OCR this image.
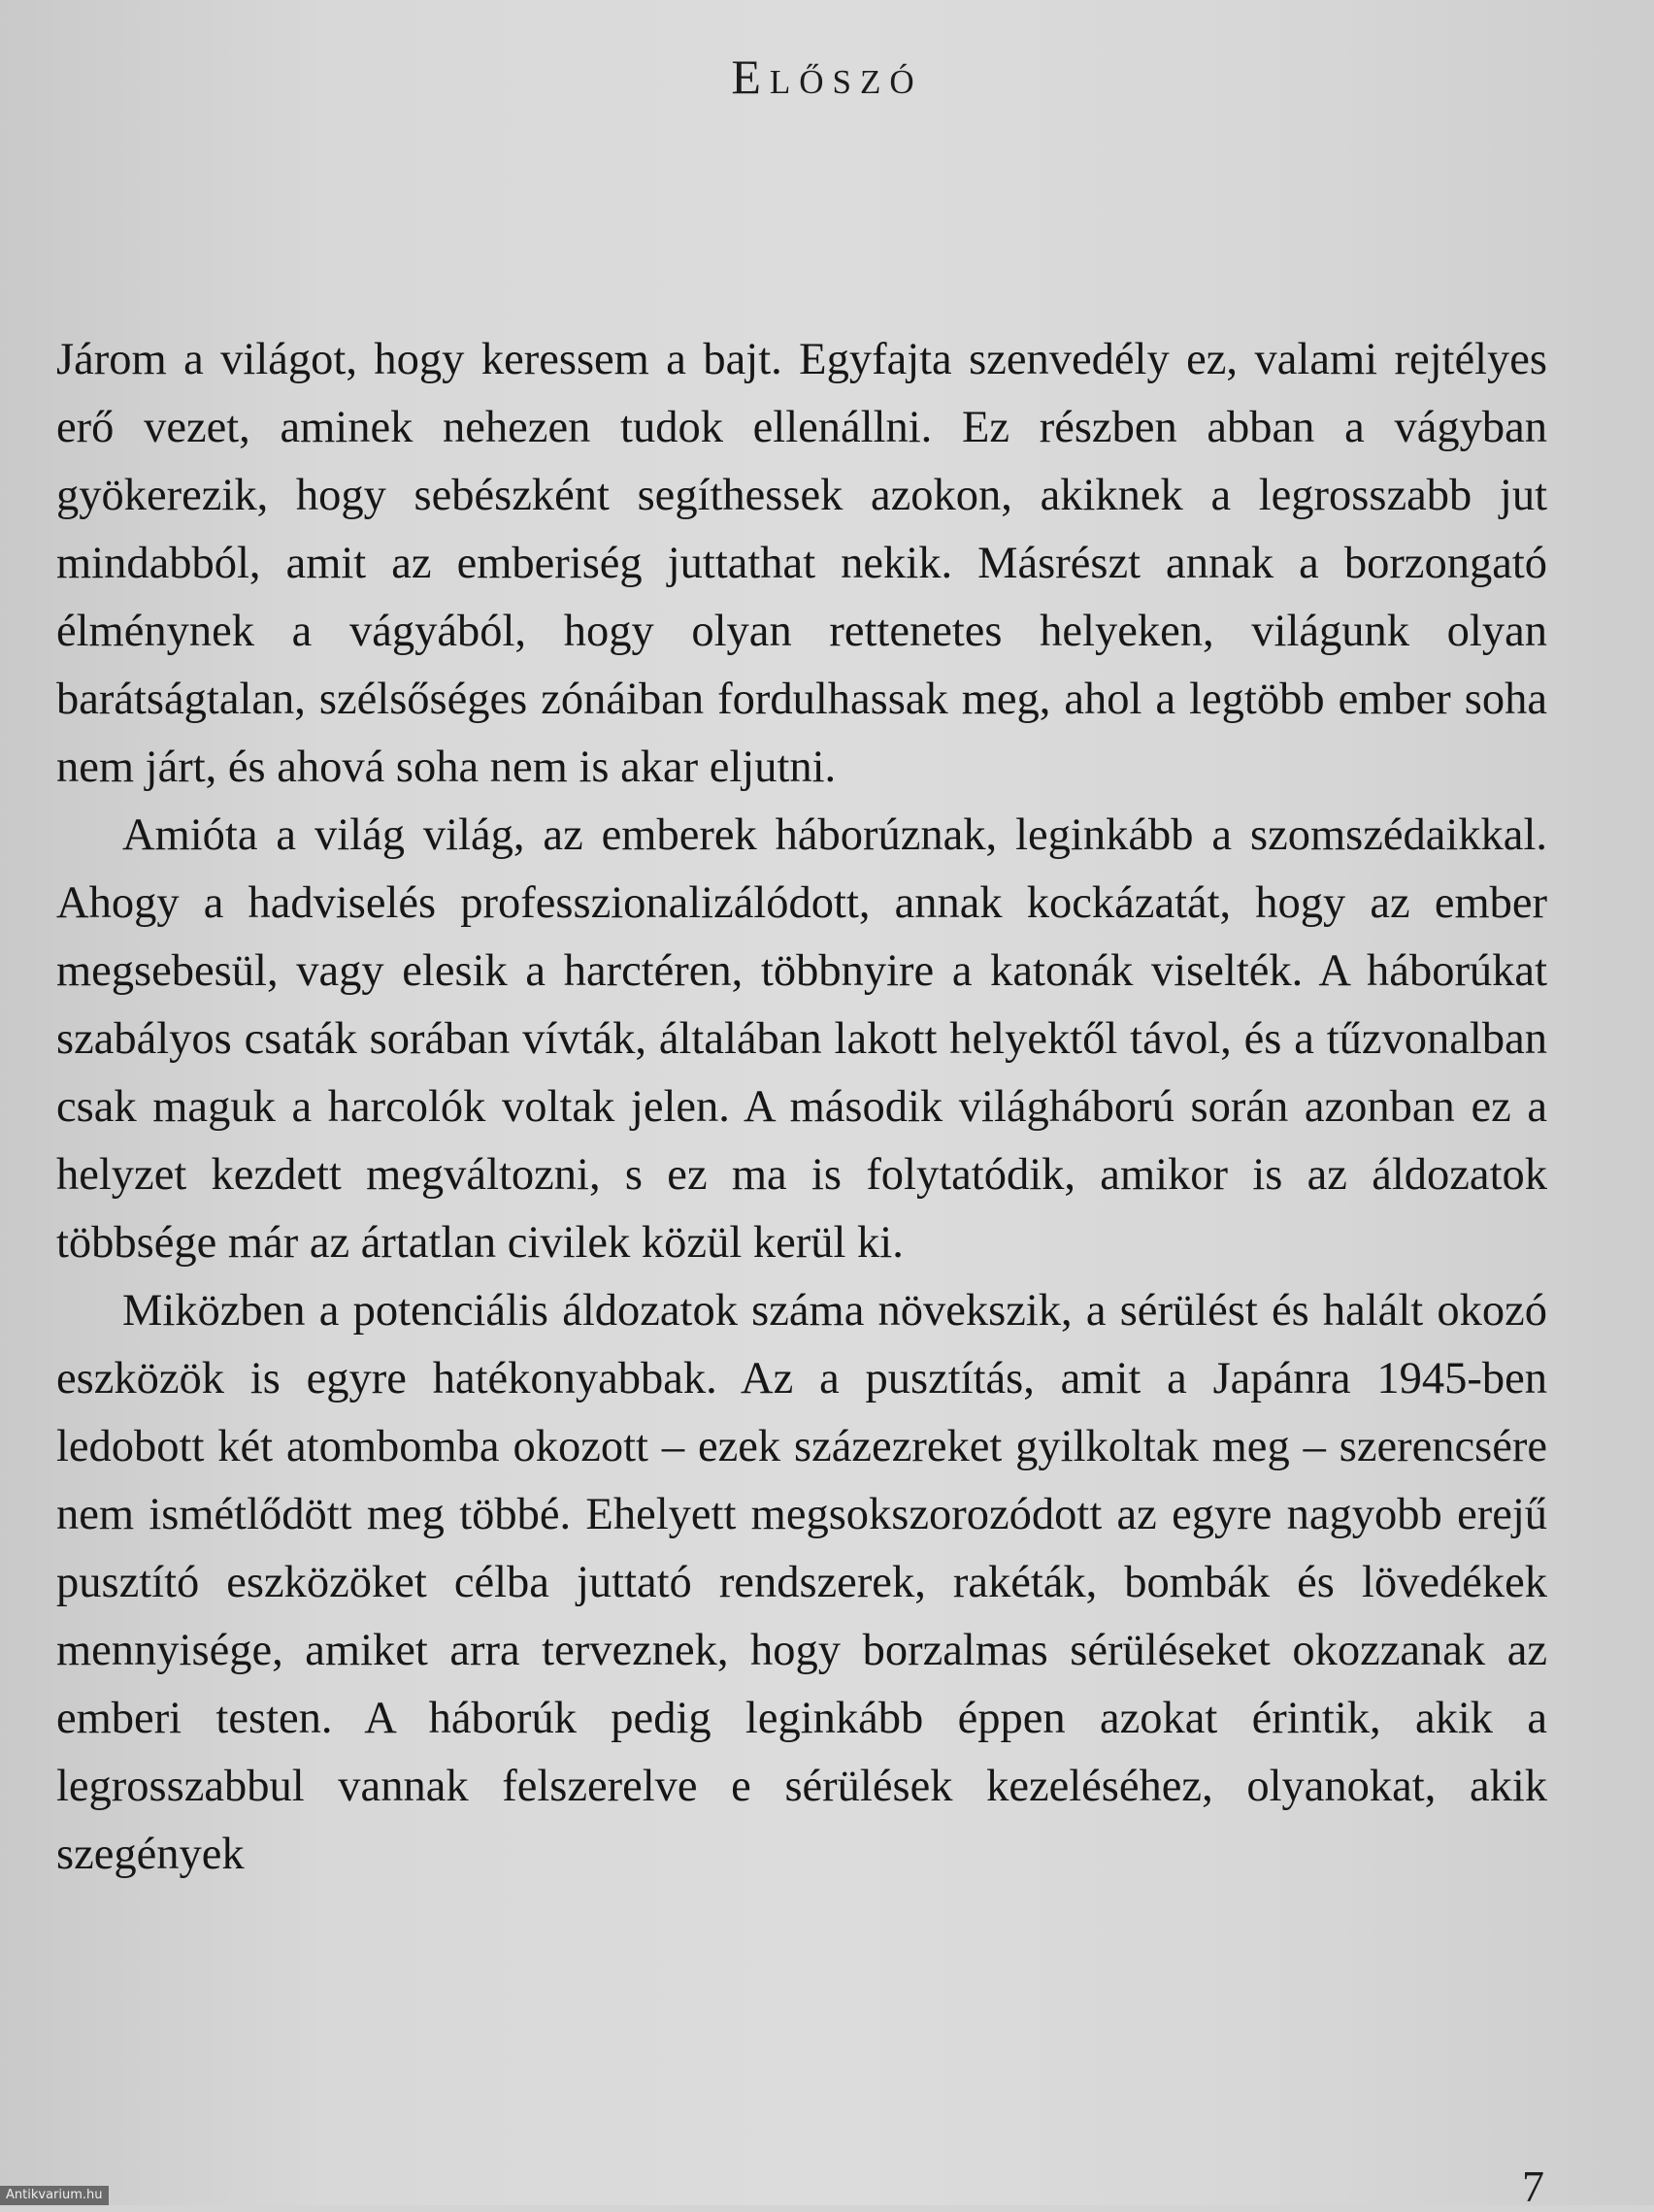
Előszó

Járom a világot, hogy keressem a bajt. Egyfajta szenvedély ez, valami rejtélyes erő vezet, aminek nehezen tudok ellenállni. Ez részben abban a vágyban gyökerezik, hogy sebészként segíthessek azokon, akiknek a legrosszabb jut mindabból, amit az emberiség juttathat nekik. Másrészt annak a borzongató élménynek a vágyából, hogy olyan rettenetes helyeken, világunk olyan barátságtalan, szélsőséges zónáiban fordulhassak meg, ahol a legtöbb ember soha nem járt, és ahová soha nem is akar eljutni.

Amióta a világ világ, az emberek háborúznak, leginkább a szomszédaikkal. Ahogy a hadviselés professzionalizálódott, annak kockázatát, hogy az ember megsebesül, vagy elesik a harctéren, többnyire a katonák viselték. A háborúkat szabályos csaták sorában vívták, általában lakott helyektől távol, és a tűzvonalban csak maguk a harcolók voltak jelen. A második világháború során azonban ez a helyzet kezdett megváltozni, s ez ma is folytatódik, amikor is az áldozatok többsége már az ártatlan civilek közül kerül ki.

Miközben a potenciális áldozatok száma növekszik, a sérülést és halált okozó eszközök is egyre hatékonyabbak. Az a pusztítás, amit a Japánra 1945-ben ledobott két atombomba okozott – ezek százezreket gyilkoltak meg – szerencsére nem ismétlődött meg többé. Ehelyett megsokszorozódott az egyre nagyobb erejű pusztító eszközöket célba juttató rendszerek, rakéták, bombák és lövedékek mennyisége, amiket arra terveznek, hogy borzalmas sérüléseket okozzanak az emberi testen. A háborúk pedig leginkább éppen azokat érintik, akik a legrosszabbul vannak felszerelve e sérülések kezeléséhez, olyanokat, akik szegények

7
Antikvarium.hu
